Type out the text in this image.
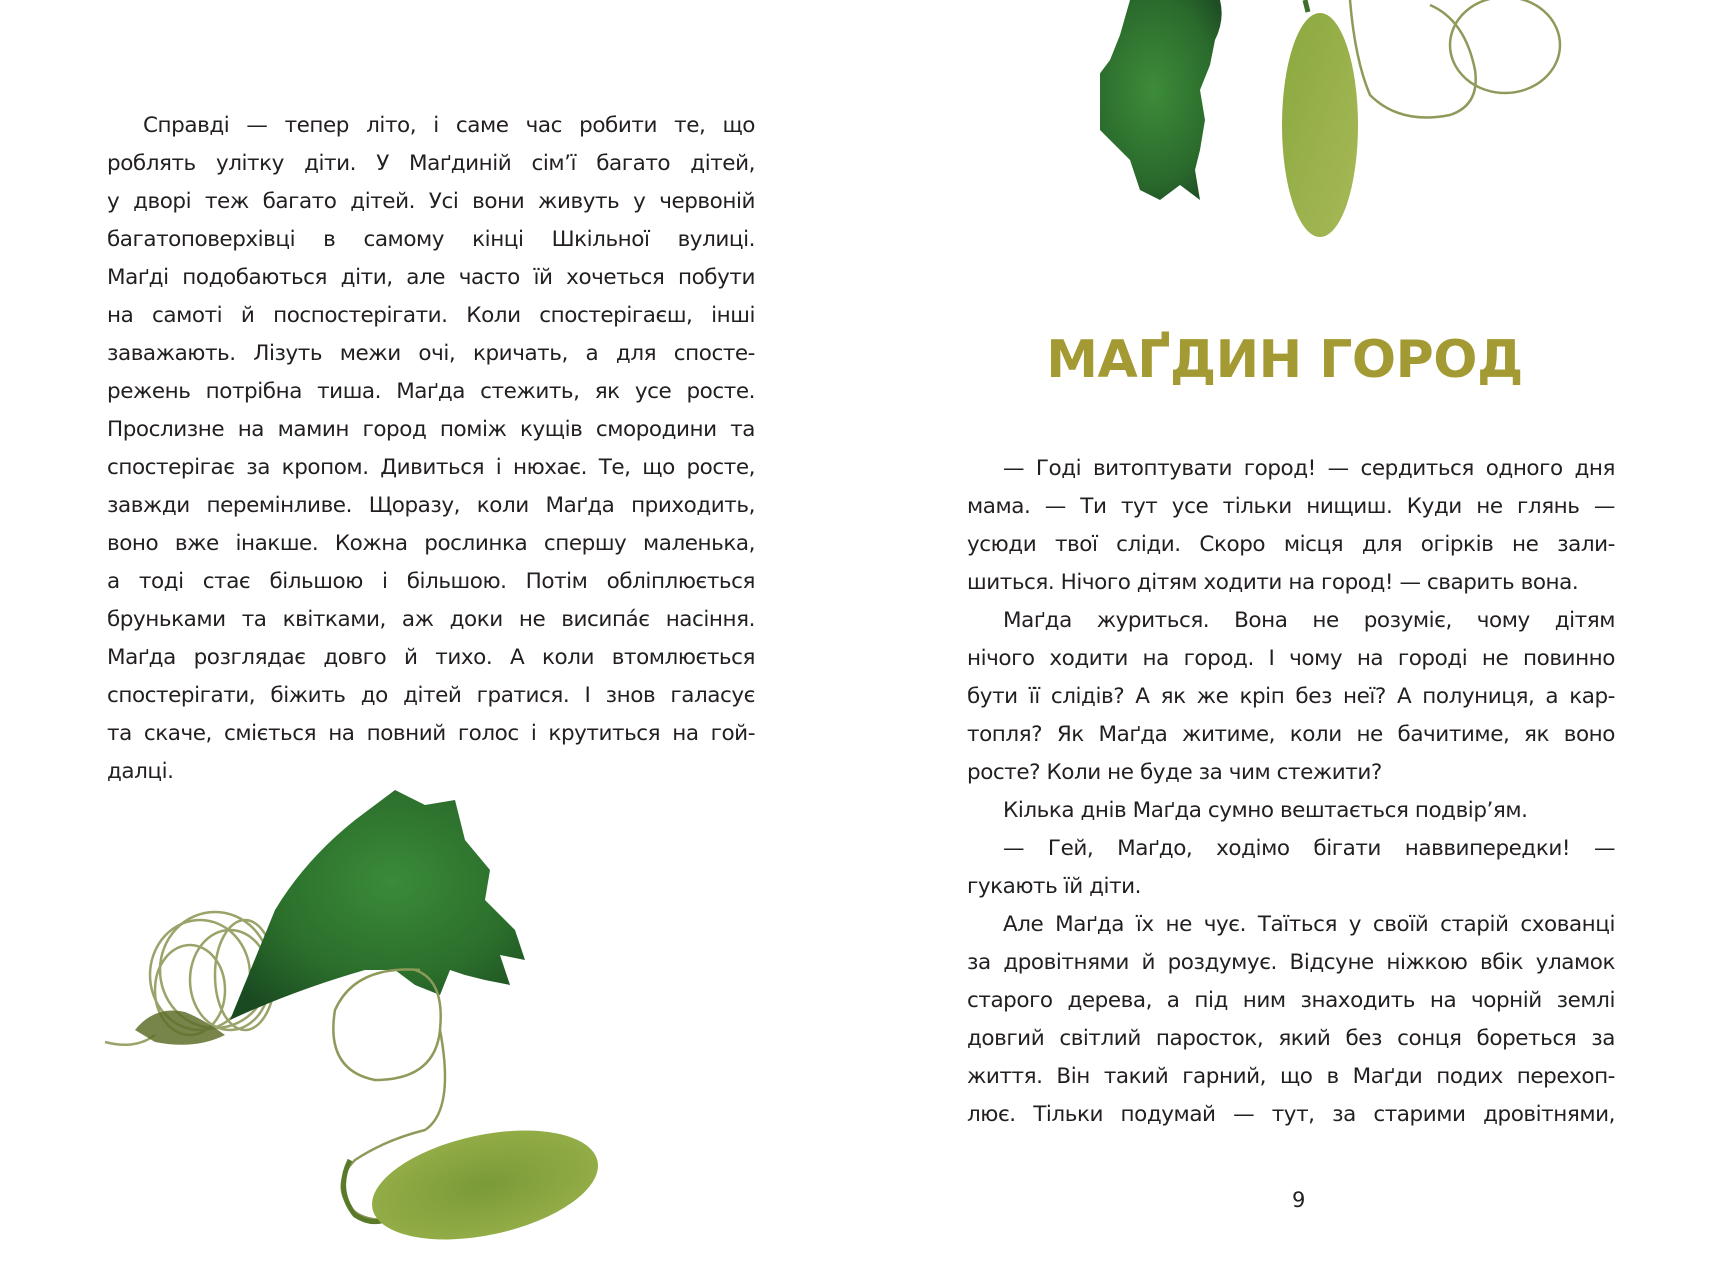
Справді — тепер літо, і саме час робити те, що
роблять улітку діти. У Маґдиній сім’ї багато дітей,
у дворі теж багато дітей. Усі вони живуть у червоній
багатоповерхівці в самому кінці Шкільної вулиці.
Маґді подобаються діти, але часто їй хочеться побути
на самоті й поспостерігати. Коли спостерігаєш, інші
заважають. Лізуть межи очі, кричать, а для спосте-
режень потрібна тиша. Маґда стежить, як усе росте.
Прослизне на мамин город поміж кущів смородини та
спостерігає за кропом. Дивиться і нюхає. Те, що росте,
завжди перемінливе. Щоразу, коли Маґда приходить,
воно вже інакше. Кожна рослинка спершу маленька,
а тоді стає більшою і більшою. Потім обліплюється
бруньками та квітками, аж доки не висипáє насіння.
Маґда розглядає довго й тихо. А коли втомлюється
спостерігати, біжить до дітей гратися. І знов галасує
та скаче, сміється на повний голос і крутиться на гой-
далці.
МАҐДИН ГОРОД
— Годі витоптувати город! — сердиться одного дня
мама. — Ти тут усе тільки нищиш. Куди не глянь —
усюди твої сліди. Скоро місця для огірків не зали-
шиться. Нічого дітям ходити на город! — сварить вона.
Маґда журиться. Вона не розуміє, чому дітям
нічого ходити на город. І чому на городі не повинно
бути її слідів? А як же кріп без неї? А полуниця, а кар-
топля? Як Маґда житиме, коли не бачитиме, як воно
росте? Коли не буде за чим стежити?
Кілька днів Маґда сумно вештається подвір’ям.
— Гей, Маґдо, ходімо бігати наввипередки! —
гукають їй діти.
Але Маґда їх не чує. Таїться у своїй старій схованці
за дровітнями й роздумує. Відсуне ніжкою вбік уламок
старого дерева, а під ним знаходить на чорній землі
довгий світлий паросток, який без сонця бореться за
життя. Він такий гарний, що в Маґди подих перехоп-
лює. Тільки подумай — тут, за старими дровітнями,
9
